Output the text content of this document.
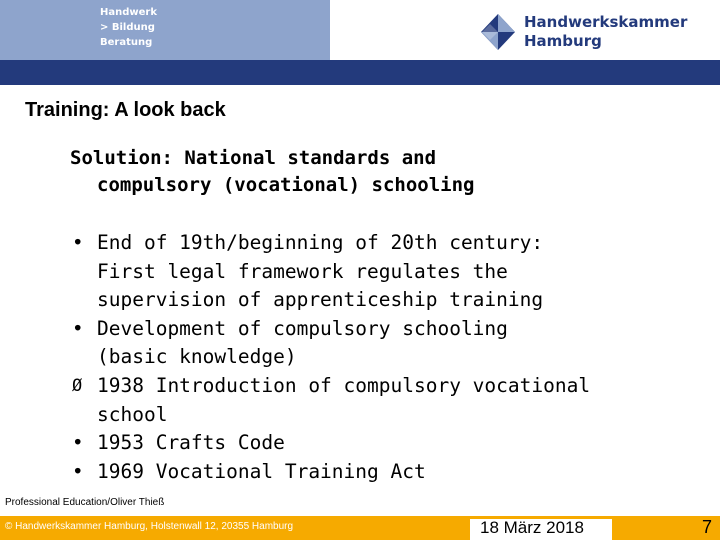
Handwerk
> Bildung
Beratung
Handwerkskammer
Hamburg
Training: A look back
Solution: National standards and
compulsory (vocational) schooling
• End of 19th/beginning of 20th century:
First legal framework regulates the
supervision of apprenticeship training
• Development of compulsory schooling
(basic knowledge)
Ø 1938 Introduction of compulsory vocational
school
• 1953 Crafts Code
• 1969 Vocational Training Act
Professional Education/Oliver Thieß
© Handwerkskammer Hamburg, Holstenwall 12, 20355 Hamburg	18 März 2018	7
